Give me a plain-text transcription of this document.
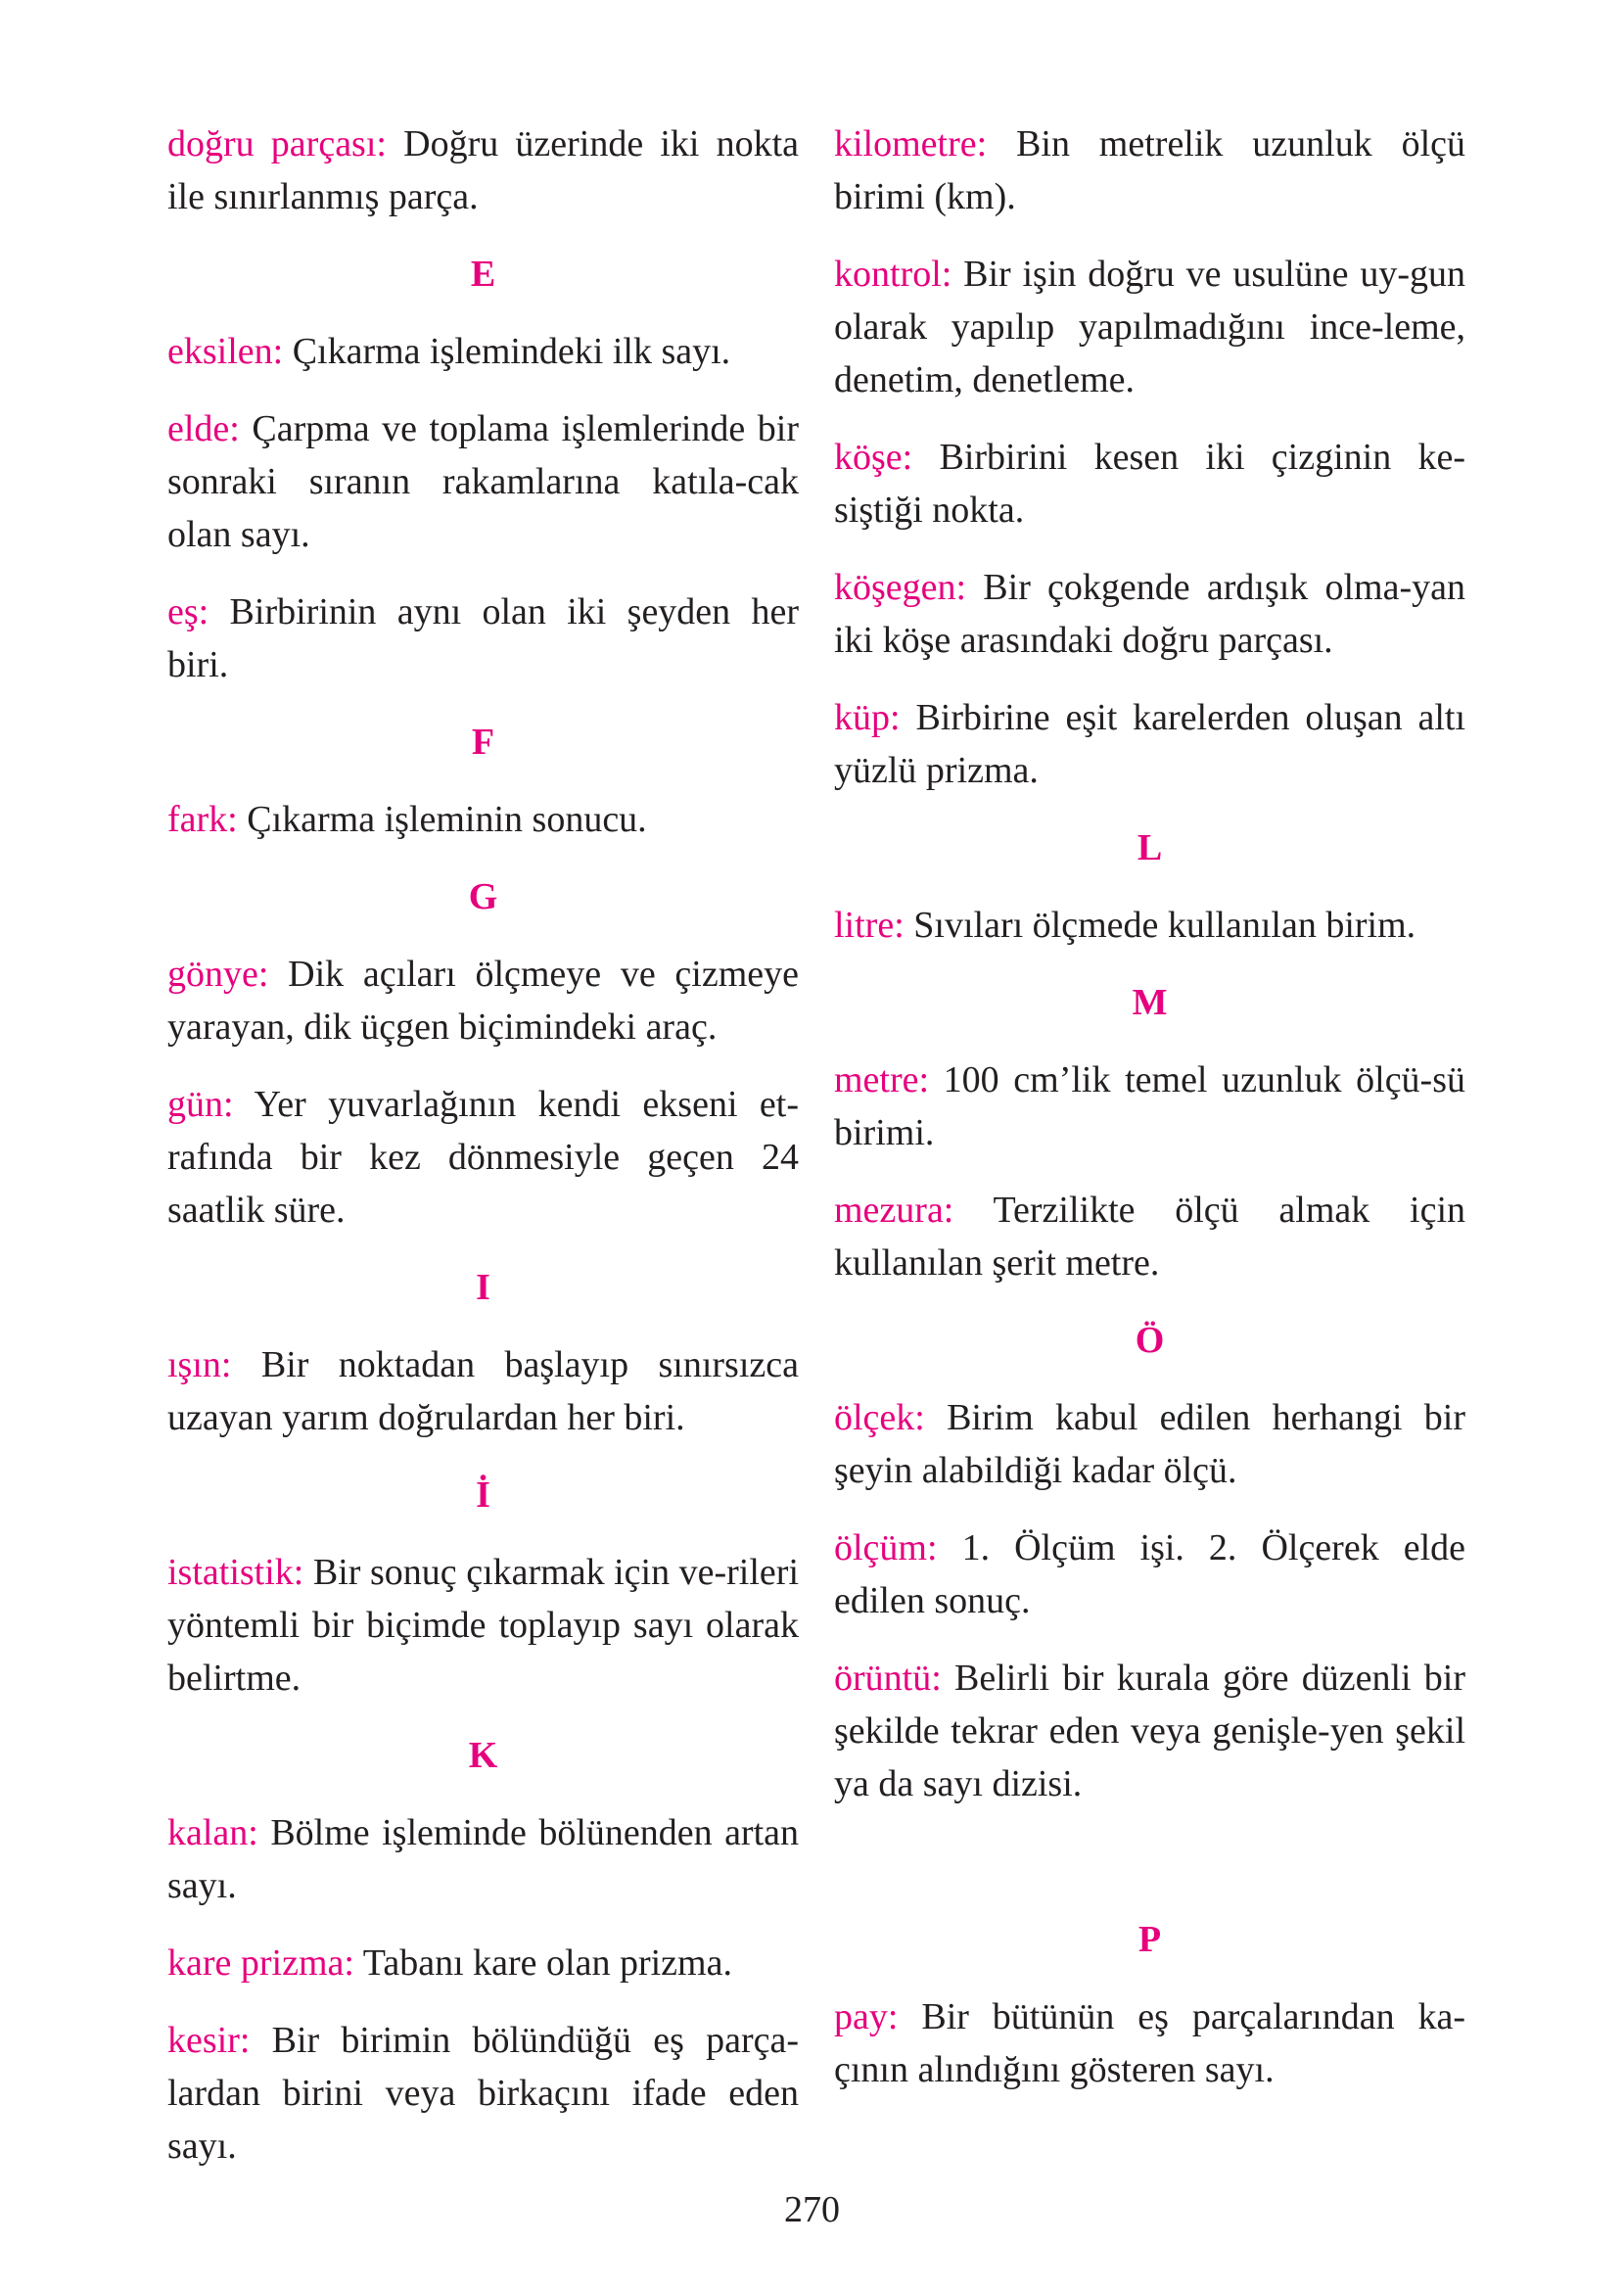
doğru parçası: Doğru üzerinde iki nokta ile sınırlanmış parça.

E

eksilen: Çıkarma işlemindeki ilk sayı.

elde: Çarpma ve toplama işlemlerinde bir sonraki sıranın rakamlarına katıla-cak olan sayı.

eş: Birbirinin aynı olan iki şeyden her biri.

F

fark: Çıkarma işleminin sonucu.

G

gönye: Dik açıları ölçmeye ve çizmeye yarayan, dik üçgen biçimindeki araç.

gün: Yer yuvarlağının kendi ekseni et-rafında bir kez dönmesiyle geçen 24 saatlik süre.

I

ışın: Bir noktadan başlayıp sınırsızca uzayan yarım doğrulardan her biri.

İ

istatistik: Bir sonuç çıkarmak için ve-rileri yöntemli bir biçimde toplayıp sayı olarak belirtme.

K

kalan: Bölme işleminde bölünenden artan sayı.

kare prizma: Tabanı kare olan prizma.

kesir: Bir birimin bölündüğü eş parça-lardan birini veya birkaçını ifade eden sayı.

kilometre: Bin metrelik uzunluk ölçü birimi (km).

kontrol: Bir işin doğru ve usulüne uy-gun olarak yapılıp yapılmadığını ince-leme, denetim, denetleme.

köşe: Birbirini kesen iki çizginin ke-siştiği nokta.

köşegen: Bir çokgende ardışık olma-yan iki köşe arasındaki doğru parçası.

küp: Birbirine eşit karelerden oluşan altı yüzlü prizma.

L

litre: Sıvıları ölçmede kullanılan birim.

M

metre: 100 cm’lik temel uzunluk ölçü-sü birimi.

mezura: Terzilikte ölçü almak için kullanılan şerit metre.

Ö

ölçek: Birim kabul edilen herhangi bir şeyin alabildiği kadar ölçü.

ölçüm: 1. Ölçüm işi. 2. Ölçerek elde edilen sonuç.

örüntü: Belirli bir kurala göre düzenli bir şekilde tekrar eden veya genişle-yen şekil ya da sayı dizisi.

P

pay: Bir bütünün eş parçalarından ka-çının alındığını gösteren sayı.

270
